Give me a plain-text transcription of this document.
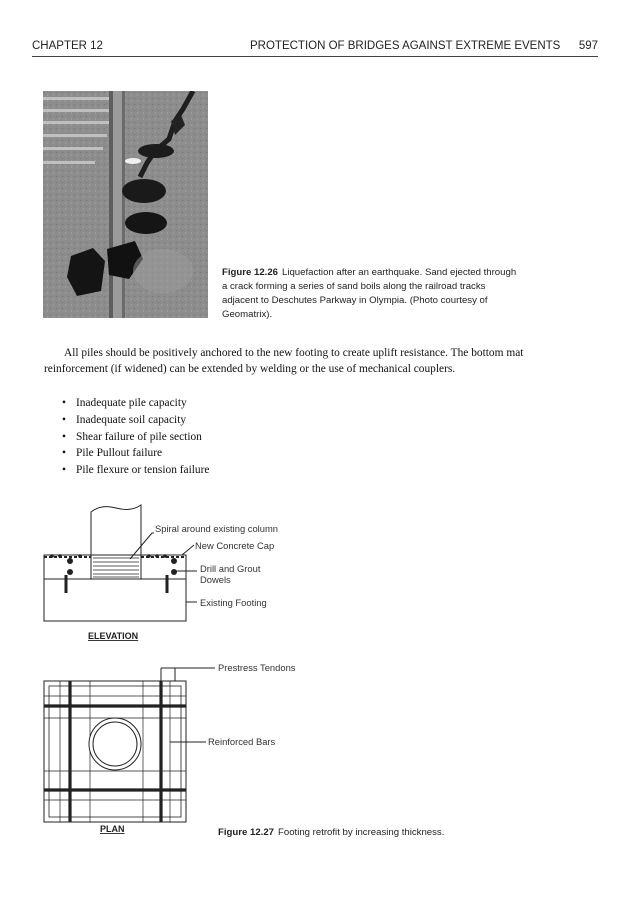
CHAPTER 12	PROTECTION OF BRIDGES AGAINST EXTREME EVENTS 597
Figure 12.26 Liquefaction after an earthquake. Sand ejected through a crack forming a series of sand boils along the railroad tracks adjacent to Deschutes Parkway in Olympia. (Photo courtesy of Geomatrix).

All piles should be positively anchored to the new footing to create uplift resistance. The bottom mat reinforcement (if widened) can be extended by welding or the use of mechanical couplers.

• Inadequate pile capacity
• Inadequate soil capacity
• Shear failure of pile section
• Pile Pullout failure
• Pile flexure or tension failure
Spiral around existing column
New Concrete Cap
Drill and Grout
Dowels
Existing Footing
ELEVATION
Prestress Tendons
Reinforced Bars
PLAN	Figure 12.27 Footing retrofit by increasing thickness.
